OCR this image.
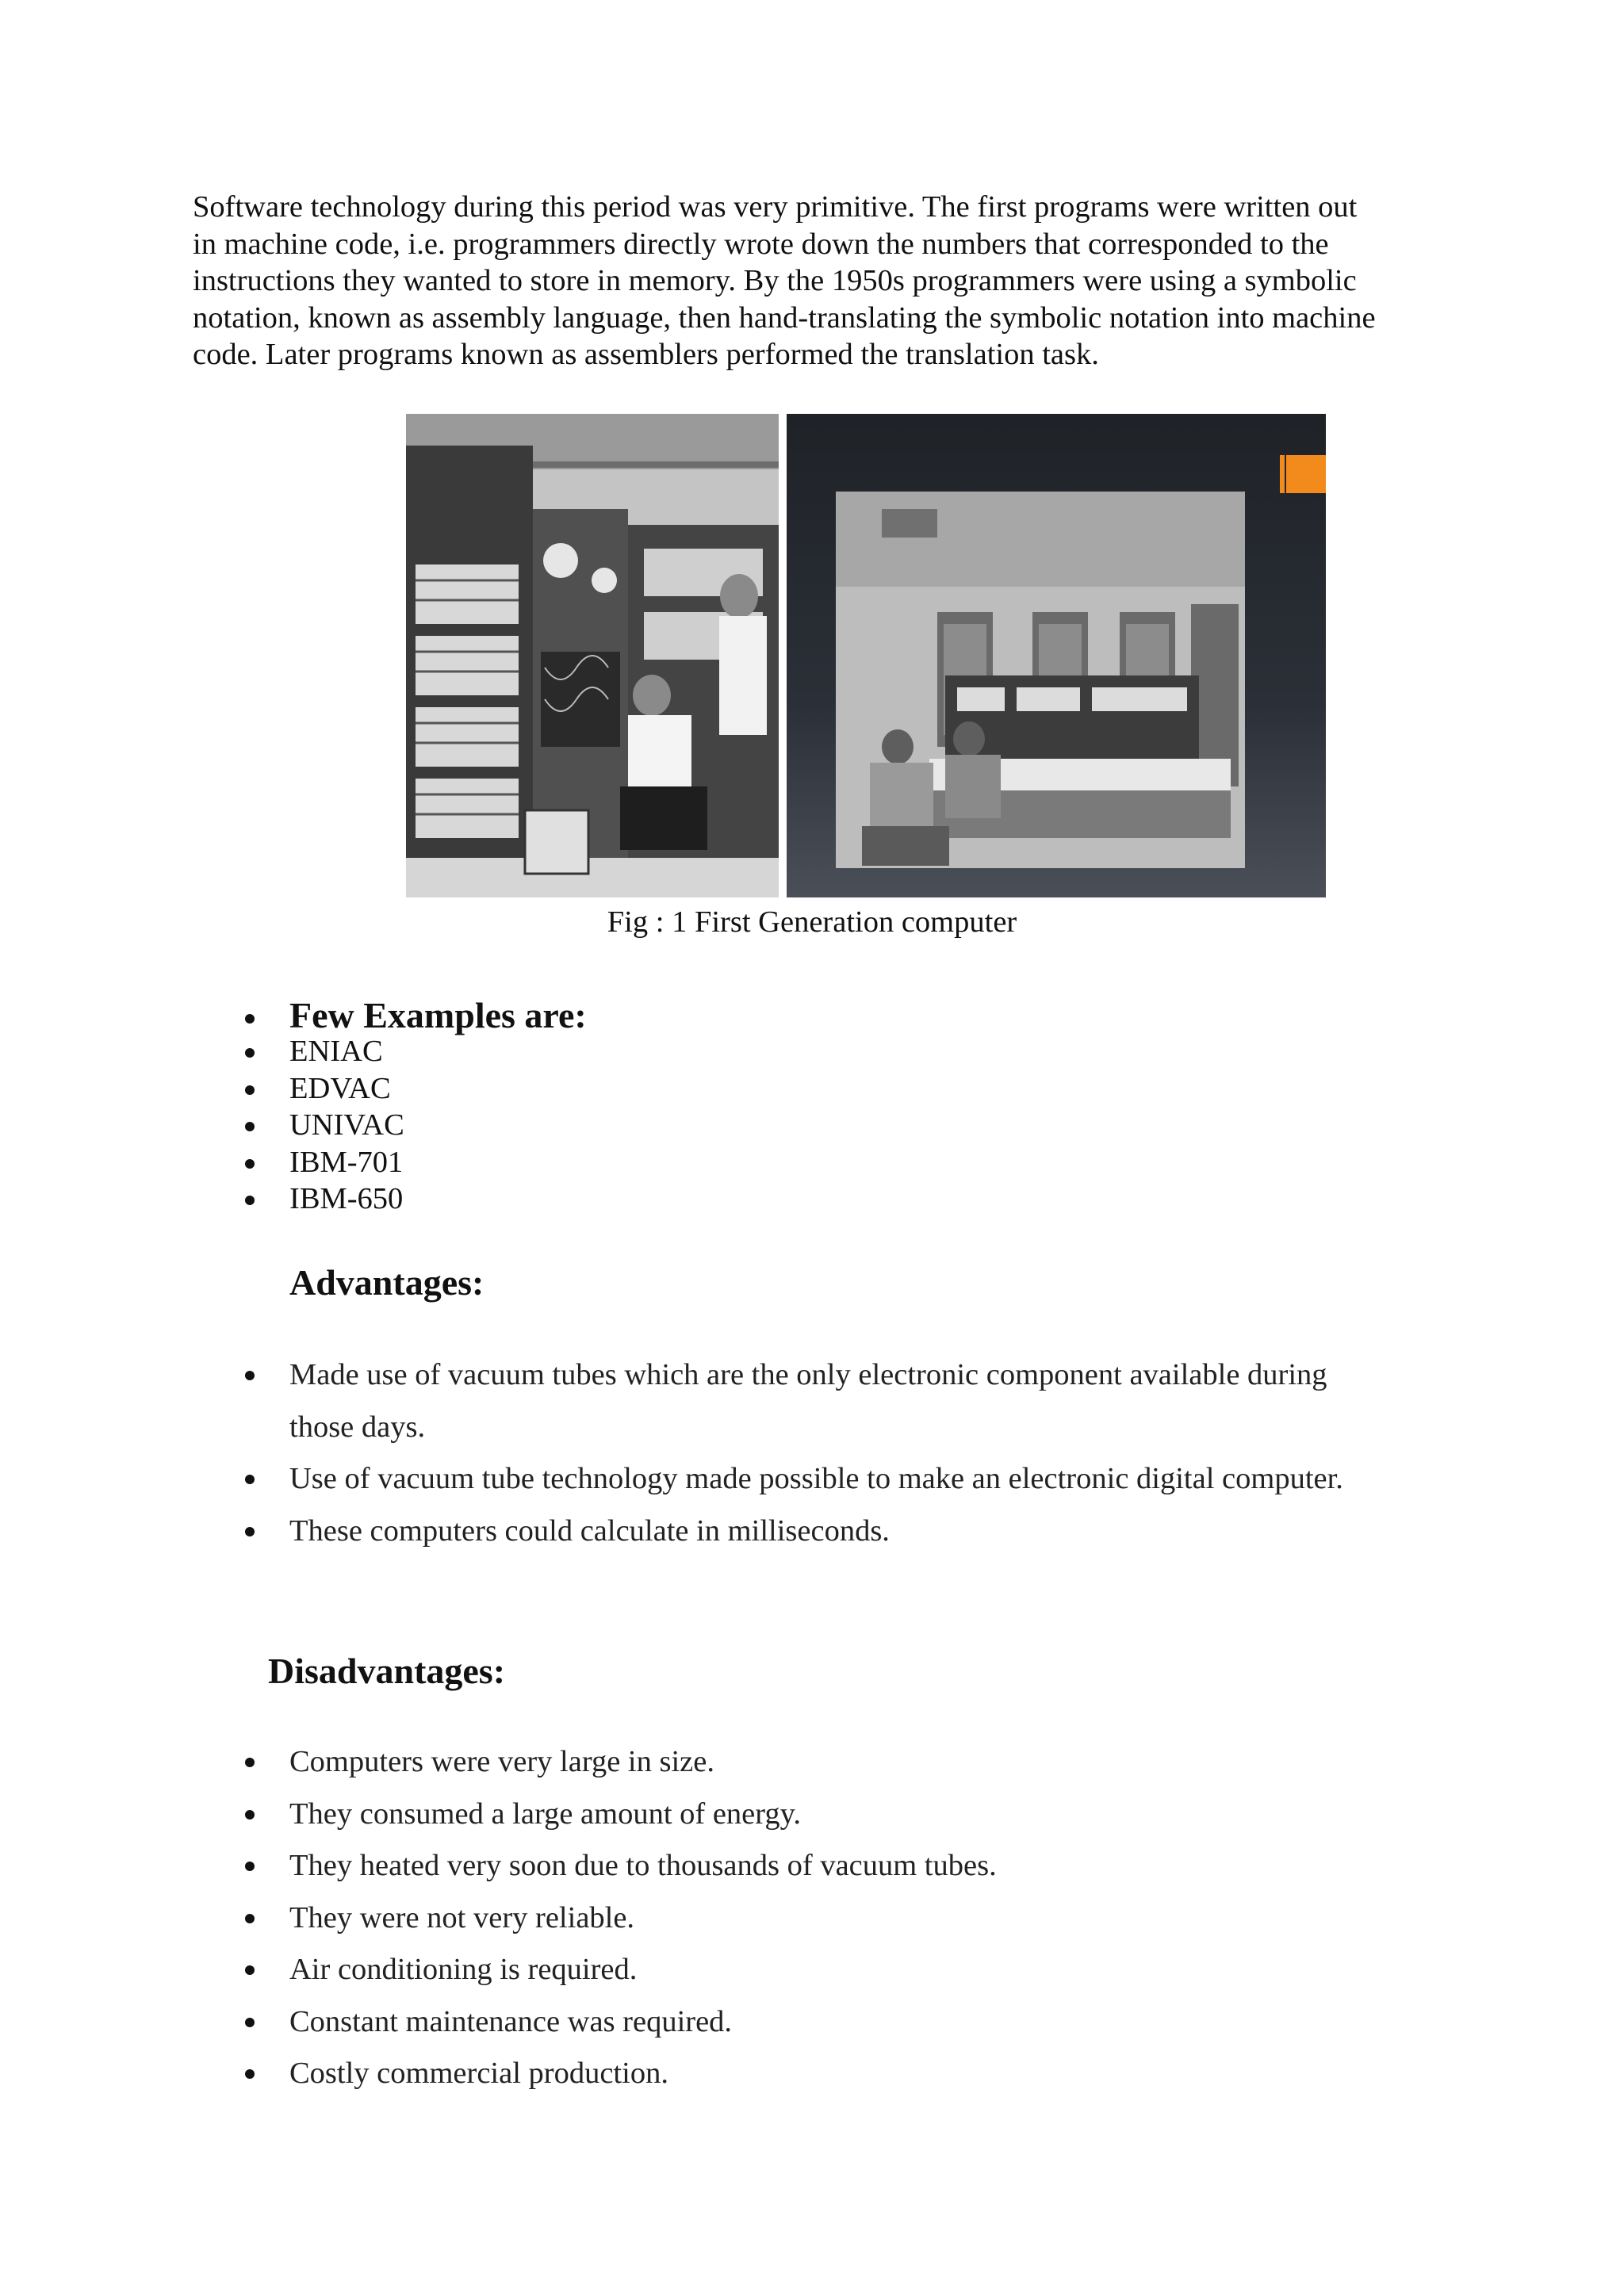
Software technology during this period was very primitive. The first programs were written out
in machine code, i.e. programmers directly wrote down the numbers that corresponded to the
instructions they wanted to store in memory. By the 1950s programmers were using a symbolic
notation, known as assembly language, then hand-translating the symbolic notation into machine
code. Later programs known as assemblers performed the translation task.

Fig : 1 First Generation computer
Few Examples are:
ENIAC
EDVAC
UNIVAC
IBM-701
IBM-650
Advantages:
Made use of vacuum tubes which are the only electronic component available during
those days.
Use of vacuum tube technology made possible to make an electronic digital computer.
These computers could calculate in milliseconds.
Disadvantages:
Computers were very large in size.
They consumed a large amount of energy.
They heated very soon due to thousands of vacuum tubes.
They were not very reliable.
Air conditioning is required.
Constant maintenance was required.
Costly commercial production.
